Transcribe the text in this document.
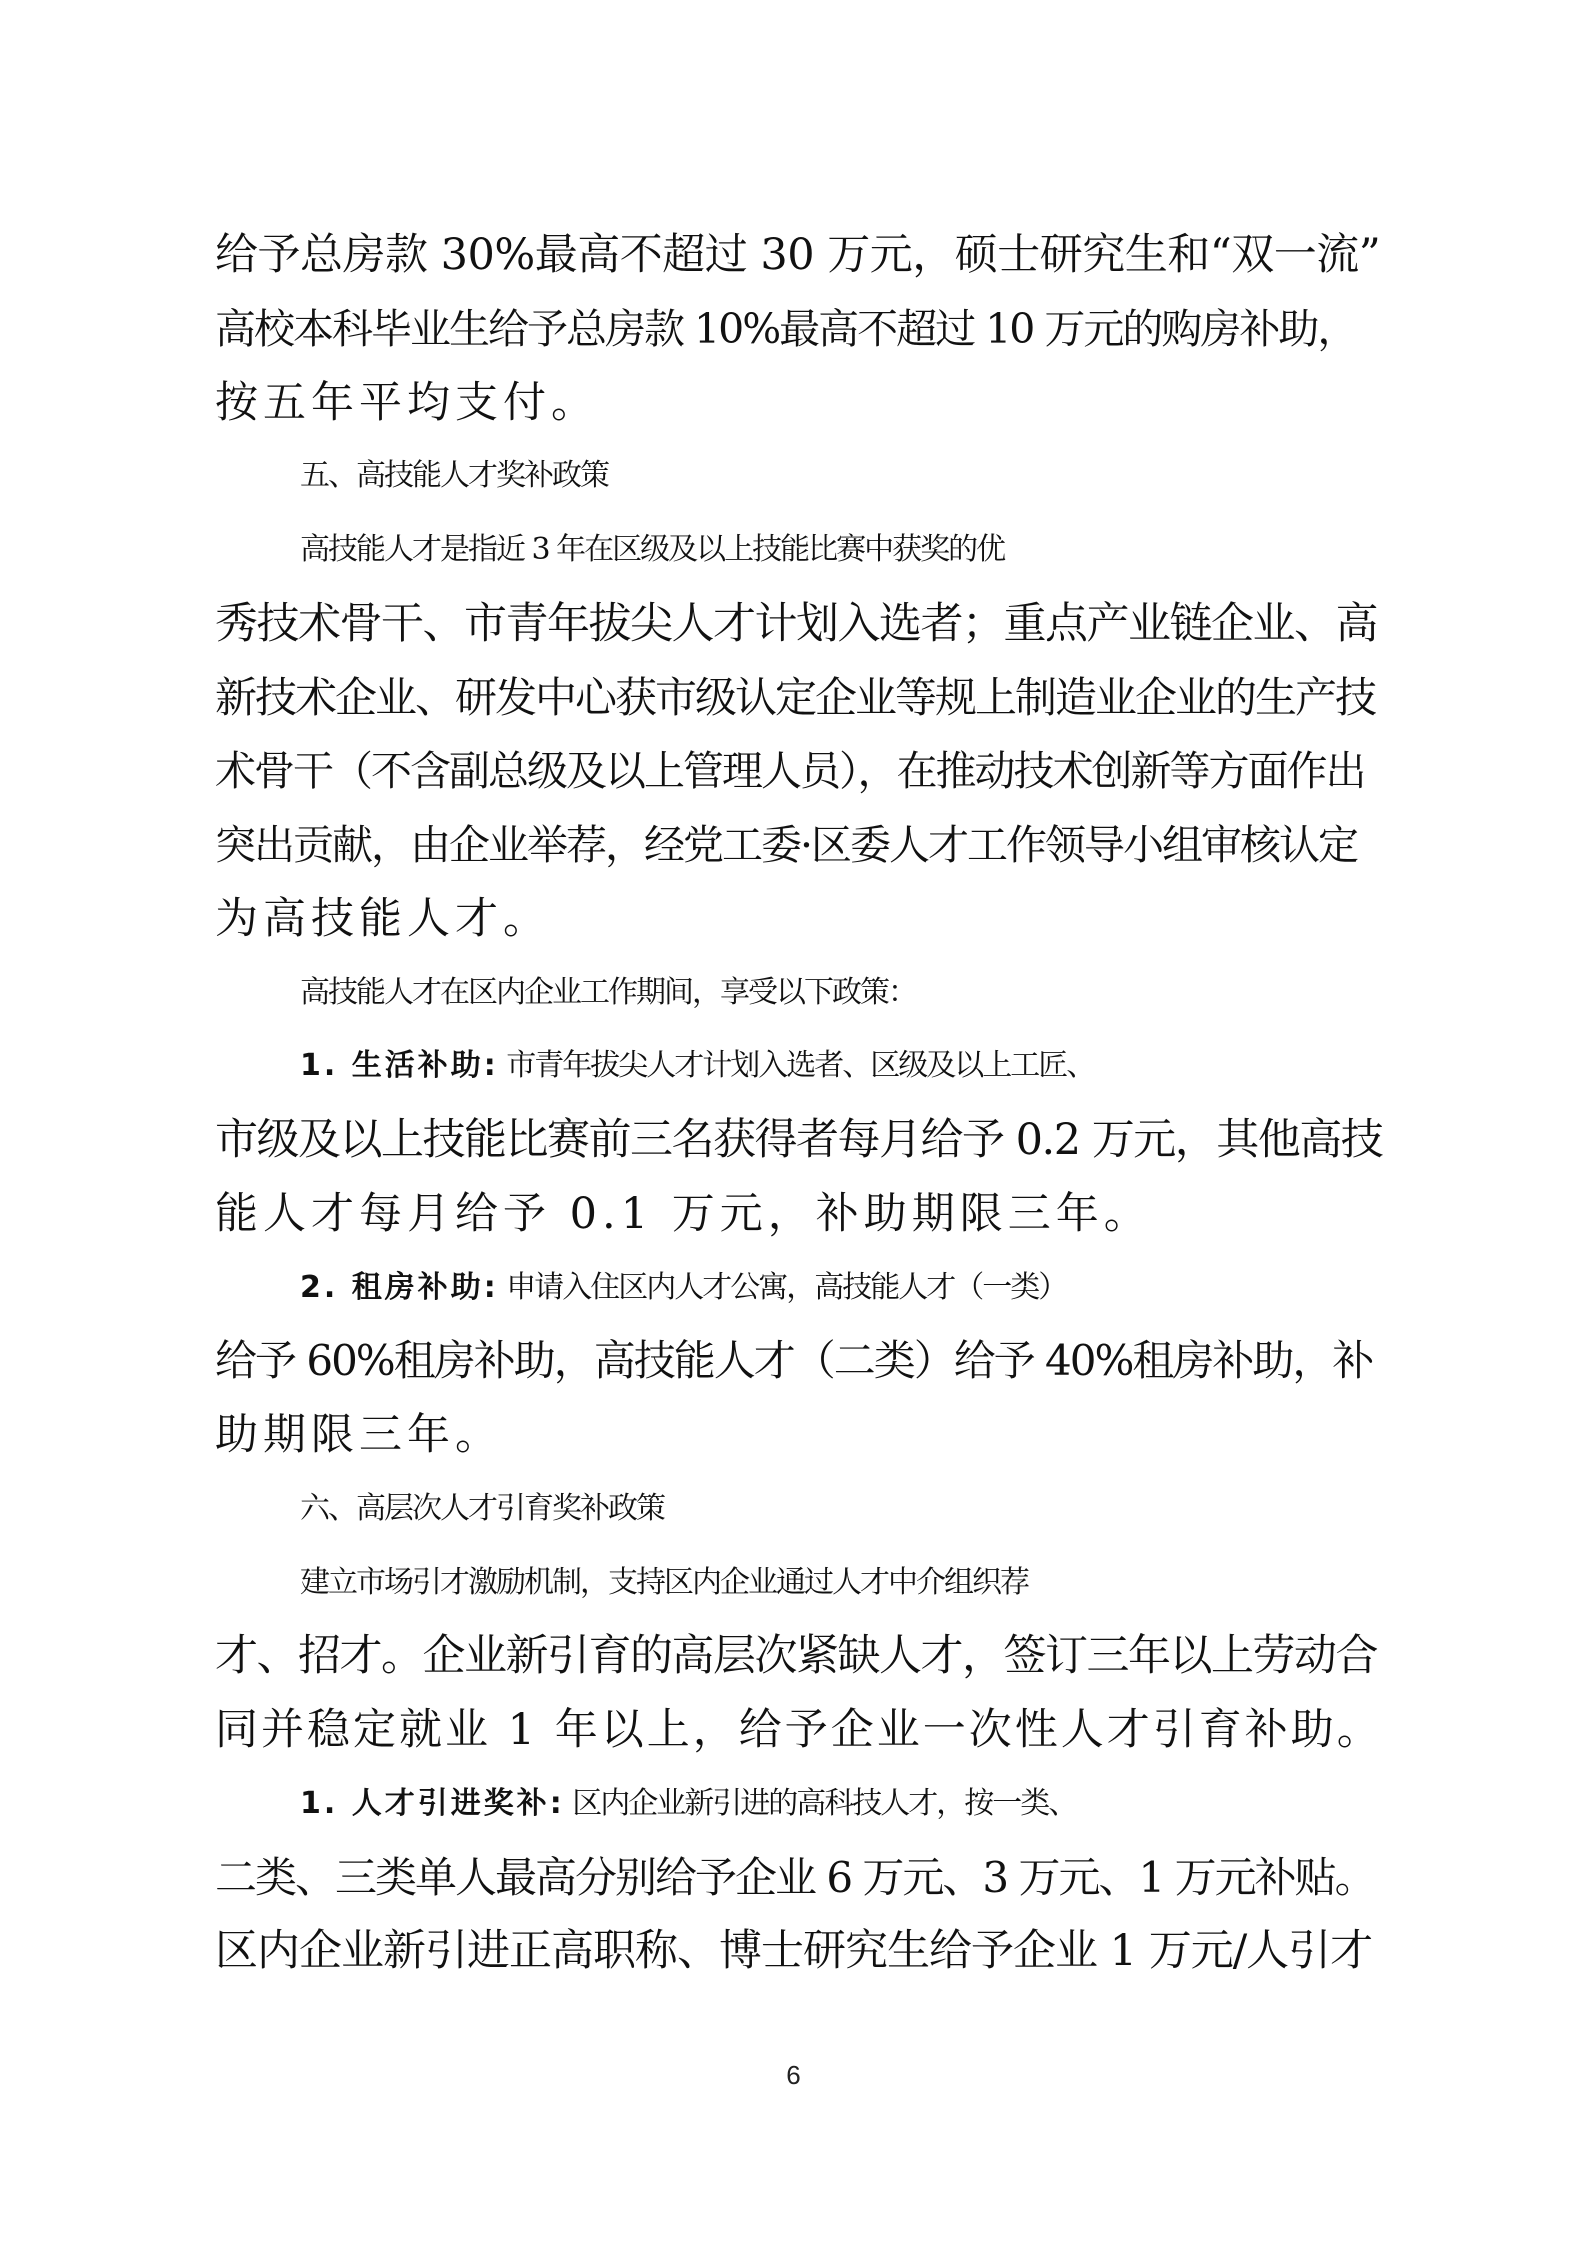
给予总房款 30%最高不超过 30 万元，硕士研究生和“双一流”
高校本科毕业生给予总房款 10%最高不超过 10 万元的购房补助，
按五年平均支付。
五、高技能人才奖补政策
高技能人才是指近 3 年在区级及以上技能比赛中获奖的优
秀技术骨干、市青年拔尖人才计划入选者；重点产业链企业、高
新技术企业、研发中心获市级认定企业等规上制造业企业的生产技
术骨干（不含副总级及以上管理人员），在推动技术创新等方面作出
突出贡献，由企业举荐，经党工委·区委人才工作领导小组审核认定
为高技能人才。
高技能人才在区内企业工作期间，享受以下政策：
1. 生活补助: 市青年拔尖人才计划入选者、区级及以上工匠、
市级及以上技能比赛前三名获得者每月给予 0.2 万元，其他高技
能人才每月给予 0.1 万元，补助期限三年。
2. 租房补助: 申请入住区内人才公寓，高技能人才（一类）
给予 60%租房补助，高技能人才（二类）给予 40%租房补助，补
助期限三年。
六、高层次人才引育奖补政策
建立市场引才激励机制，支持区内企业通过人才中介组织荐
才、招才。企业新引育的高层次紧缺人才，签订三年以上劳动合
同并稳定就业 1 年以上，给予企业一次性人才引育补助。
1. 人才引进奖补: 区内企业新引进的高科技人才，按一类、
二类、三类单人最高分别给予企业 6 万元、3 万元、1 万元补贴。
区内企业新引进正高职称、博士研究生给予企业 1 万元/人引才
6
